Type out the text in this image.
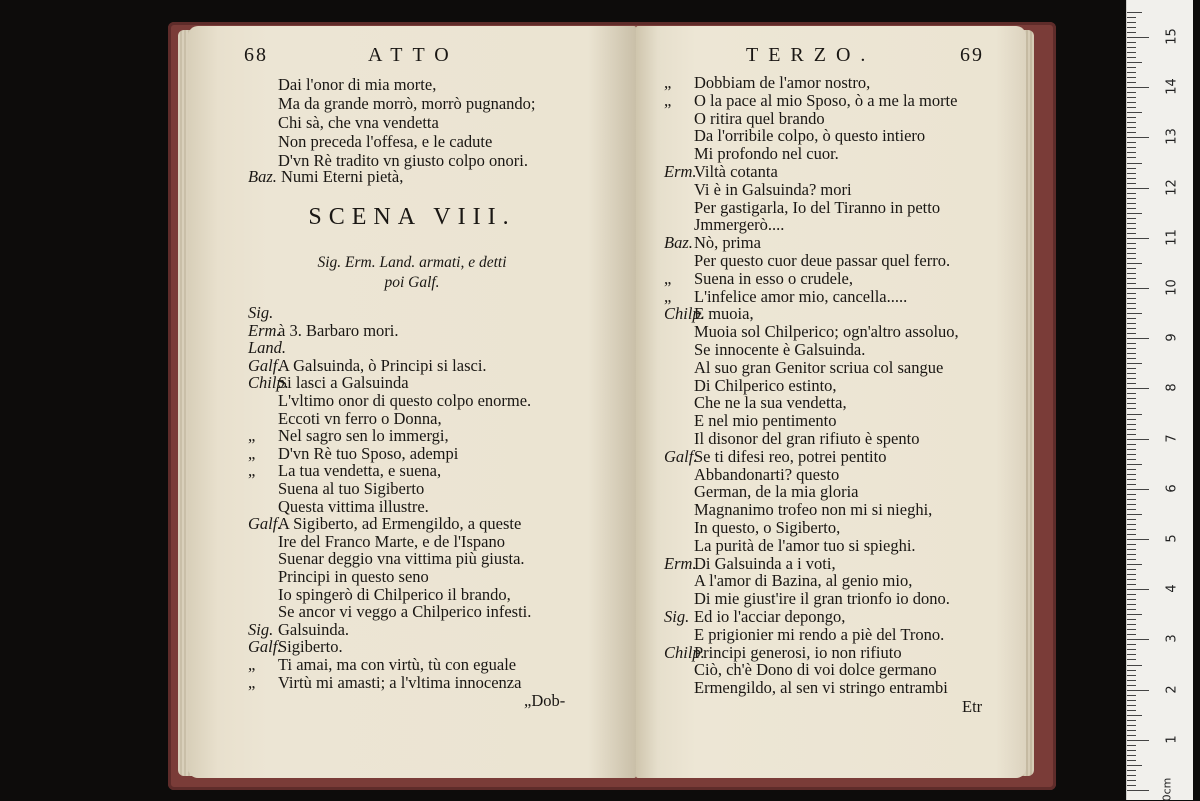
68	ATTO
Dai l'onor di mia morte,
Ma da grande morrò, morrò pugnando;
Chi sà, che vna vendetta
Non preceda l'offesa, e le cadute
D'vn Rè tradito vn giusto colpo onori.
Baz. Numi Eterni pietà,
SCENA VIII.
Sig. Erm. Land. armati, e detti
poi Galf.
Sig.
Erm.à 3. Barbaro mori.
Land.
Galf.A Galsuinda, ò Principi si lasci.
Chilp.Si lasci a Galsuinda
L'vltimo onor di questo colpo enorme.
Eccoti vn ferro o Donna,
„ Nel sagro sen lo immergi,
„ D'vn Rè tuo Sposo, adempi
„ La tua vendetta, e suena,
Suena al tuo Sigiberto
Questa vittima illustre.
Galf.A Sigiberto, ad Ermengildo, a queste
Ire del Franco Marte, e de l'Ispano
Suenar deggio vna vittima più giusta.
Principi in questo seno
Io spingerò di Chilperico il brando,
Se ancor vi veggo a Chilperico infesti.
Sig. Galsuinda.
Galf.Sigiberto.
„ Ti amai, ma con virtù, tù con eguale
„ Virtù mi amasti; a l'vltima innocenza
„Dob-
TERZO.	69
„ Dobbiam de l'amor nostro,
„ O la pace al mio Sposo, ò a me la morte
O ritira quel brando
Da l'orribile colpo, ò questo intiero
Mi profondo nel cuor.
Erm.Viltà cotanta
Vi è in Galsuinda? mori
Per gastigarla, Io del Tiranno in petto
Jmmergerò....
Baz.Nò, prima
Per questo cuor deue passar quel ferro.
„ Suena in esso o crudele,
„ L'infelice amor mio, cancella.....
Chilp.E muoia,
Muoia sol Chilperico; ogn'altro assoluo,
Se innocente è Galsuinda.
Al suo gran Genitor scriua col sangue
Di Chilperico estinto,
Che ne la sua vendetta,
E nel mio pentimento
Il disonor del gran rifiuto è spento
Galf.Se ti difesi reo, potrei pentito
Abbandonarti? questo
German, de la mia gloria
Magnanimo trofeo non mi si nieghi,
In questo, o Sigiberto,
La purità de l'amor tuo si spieghi.
Erm.Di Galsuinda a i voti,
A l'amor di Bazina, al genio mio,
Di mie giust'ire il gran trionfo io dono.
Sig. Ed io l'acciar depongo,
E prigionier mi rendo a piè del Trono.
Chilp.Principi generosi, io non rifiuto
Ciò, ch'è Dono di voi dolce germano
Ermengildo, al sen vi stringo entrambi
Etr
1
2
3
4
5
6
7
8
9
10
11
12
13
14
15
0cm
